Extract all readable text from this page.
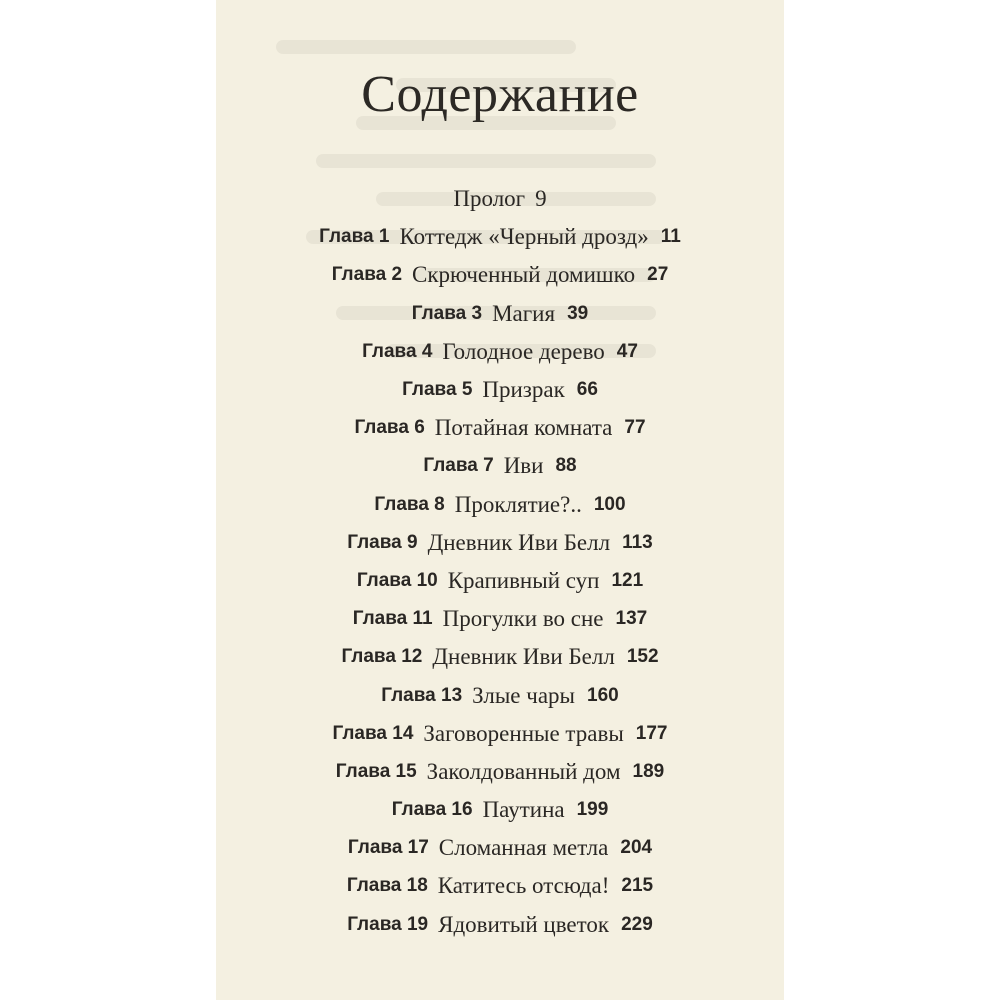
Содержание
Пролог 9
Глава 1 Коттедж «Черный дрозд» 11
Глава 2 Скрюченный домишко 27
Глава 3 Магия 39
Глава 4 Голодное дерево 47
Глава 5 Призрак 66
Глава 6 Потайная комната 77
Глава 7 Иви 88
Глава 8 Проклятие?.. 100
Глава 9 Дневник Иви Белл 113
Глава 10 Крапивный суп 121
Глава 11 Прогулки во сне 137
Глава 12 Дневник Иви Белл 152
Глава 13 Злые чары 160
Глава 14 Заговоренные травы 177
Глава 15 Заколдованный дом 189
Глава 16 Паутина 199
Глава 17 Сломанная метла 204
Глава 18 Катитесь отсюда! 215
Глава 19 Ядовитый цветок 229
